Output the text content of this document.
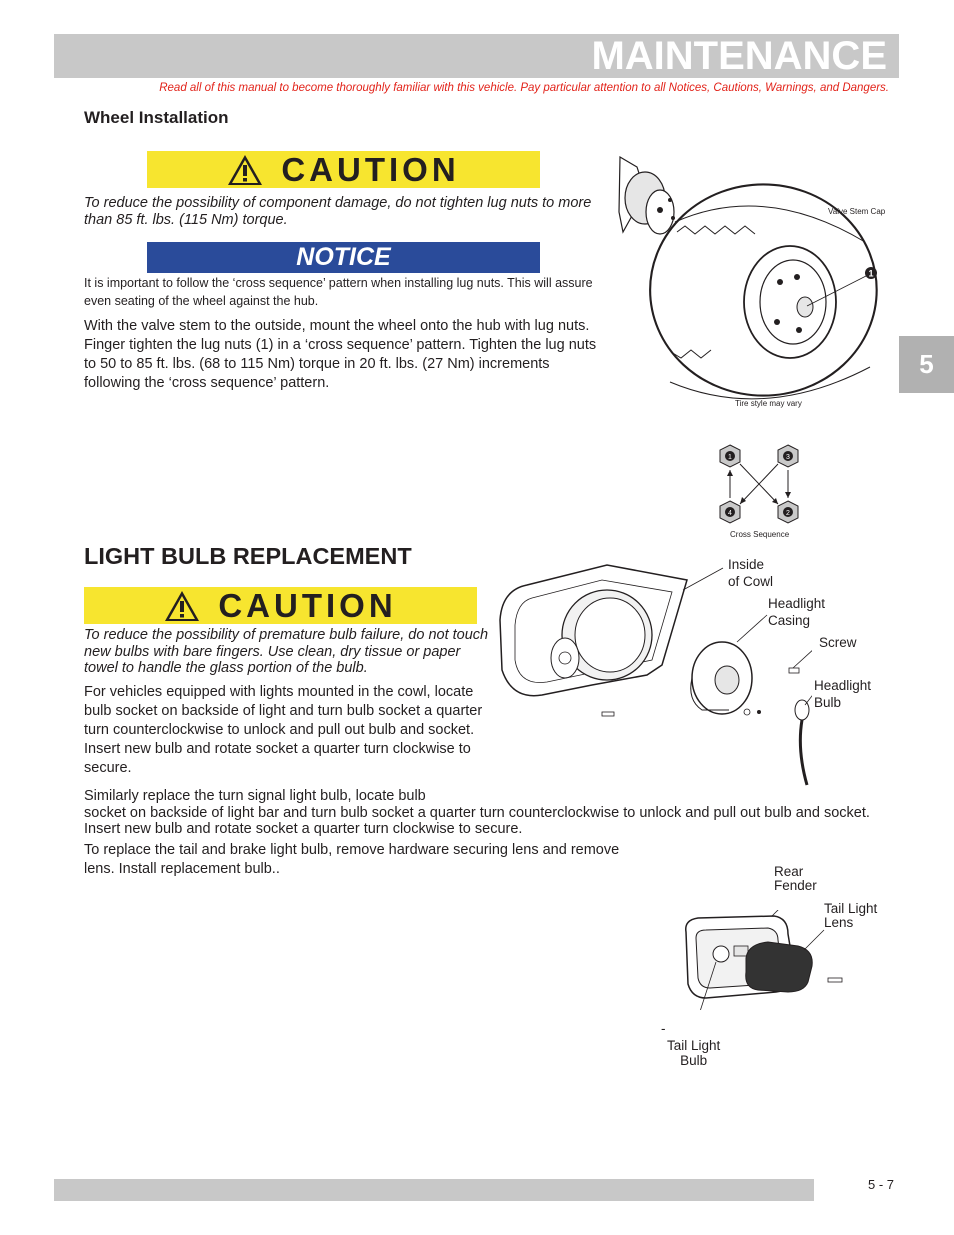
MAINTENANCE
Read all of this manual to become thoroughly familiar with this vehicle. Pay particular attention to all Notices, Cautions, Warnings, and Dangers.
Wheel Installation
CAUTION
To reduce the possibility of component damage, do not tighten lug nuts to more than 85 ft. lbs. (115 Nm) torque.
NOTICE
It is important to follow the ‘cross sequence’ pattern when installing lug nuts. This will assure even seating of the wheel against the hub.
With the valve stem to the outside, mount the wheel onto the hub with lug nuts. Finger tighten the lug nuts (1) in a ‘cross sequence’ pattern. Tighten the lug nuts to 50 to 85 ft. lbs. (68 to 115 Nm) torque in 20 ft. lbs. (27 Nm) increments following the ‘cross sequence’ pattern.
1
Valve Stem Cap
Tire style may vary
1	3
4	2
Cross Sequence
5
LIGHT BULB REPLACEMENT
CAUTION
To reduce the possibility of premature bulb failure, do not touch new bulbs with bare fingers. Use clean, dry tissue or paper towel to handle the glass portion of the bulb.
For vehicles equipped with lights mounted in the cowl, locate bulb socket on backside of light and turn bulb socket a quarter turn counterclockwise to unlock and pull out bulb and socket. Insert new bulb and rotate socket a quarter turn clockwise to secure.
Similarly replace the turn signal light bulb, locate bulb
socket on backside of light bar and turn bulb socket a quarter turn counterclockwise to unlock and pull out bulb and socket. Insert new bulb and rotate socket a quarter turn clockwise to secure.
To replace the tail and brake light bulb, remove hardware securing lens and remove lens. Install replacement bulb..
Inside
of Cowl
Headlight
Casing
Screw
Headlight
Bulb
Rear
Fender
Tail Light
Lens
-
Tail Light
Bulb
5 - 7
